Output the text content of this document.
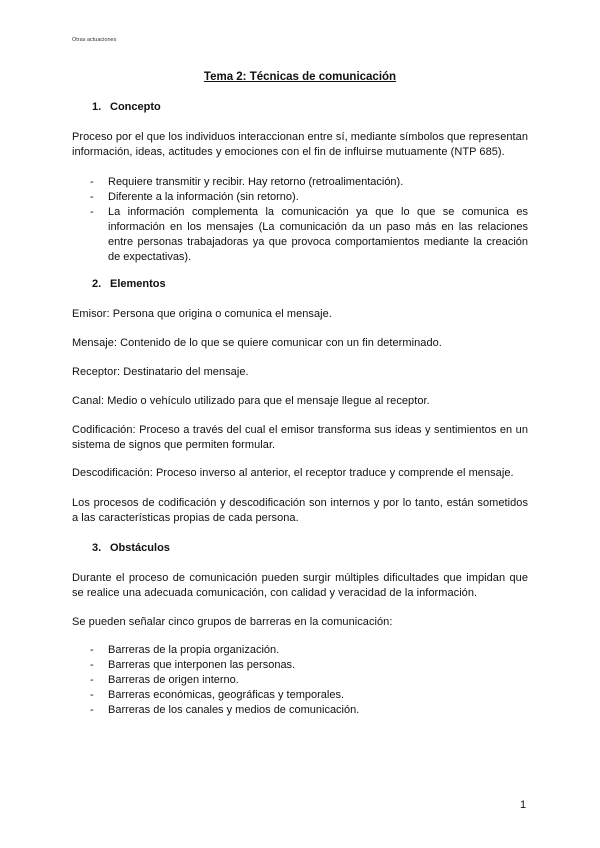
Otras actuaciones
Tema 2: Técnicas de comunicación
1. Concepto
Proceso por el que los individuos interaccionan entre sí, mediante símbolos que representan información, ideas, actitudes y emociones con el fin de influirse mutuamente (NTP 685).
- Requiere transmitir y recibir. Hay retorno (retroalimentación).
- Diferente a la información (sin retorno).
- La información complementa la comunicación ya que lo que se comunica es información en los mensajes (La comunicación da un paso más en las relaciones entre personas trabajadoras ya que provoca comportamientos mediante la creación de expectativas).
2. Elementos
Emisor: Persona que origina o comunica el mensaje.
Mensaje: Contenido de lo que se quiere comunicar con un fin determinado.
Receptor: Destinatario del mensaje.
Canal: Medio o vehículo utilizado para que el mensaje llegue al receptor.
Codificación: Proceso a través del cual el emisor transforma sus ideas y sentimientos en un sistema de signos que permiten formular.
Descodificación: Proceso inverso al anterior, el receptor traduce y comprende el mensaje.
Los procesos de codificación y descodificación son internos y por lo tanto, están sometidos a las características propias de cada persona.
3. Obstáculos
Durante el proceso de comunicación pueden surgir múltiples dificultades que impidan que se realice una adecuada comunicación, con calidad y veracidad de la información.
Se pueden señalar cinco grupos de barreras en la comunicación:
- Barreras de la propia organización.
- Barreras que interponen las personas.
- Barreras de origen interno.
- Barreras económicas, geográficas y temporales.
- Barreras de los canales y medios de comunicación.
1
